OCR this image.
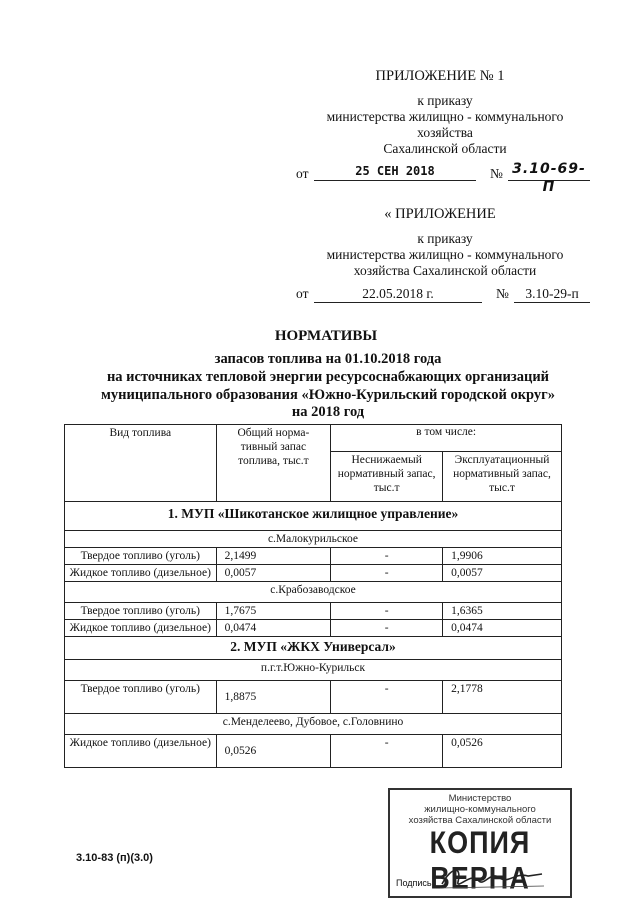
ПРИЛОЖЕНИЕ № 1
к приказу
министерства жилищно - коммунального
хозяйства
Сахалинской области
от	25 СЕН 2018	№ 3.10-69-П
« ПРИЛОЖЕНИЕ
к приказу
министерства жилищно - коммунального
хозяйства Сахалинской области
от	22.05.2018 г.	№	3.10-29-п
НОРМАТИВЫ
запасов топлива на 01.10.2018 года
на источниках тепловой энергии ресурсоснабжающих организаций
муниципального образования «Южно-Курильский городской округ»
на 2018 год
Вид топлива	Общий норма-тивный запас топлива, тыс.т	в том числе:	
		Неснижаемый нормативный запас, тыс.т	Эксплуатационный нормативный запас, тыс.т
1. МУП «Шикотанское жилищное управление»			
с.Малокурильское			
Твердое топливо (уголь)	2,1499	-	1,9906
Жидкое топливо (дизельное)	0,0057	-	0,0057
с.Крабозаводское			
Твердое топливо (уголь)	1,7675	-	1,6365
Жидкое топливо (дизельное)	0,0474	-	0,0474
2. МУП «ЖКХ Универсал»			
п.г.т.Южно-Курильск			
Твердое топливо (уголь)	1,8875	-	2,1778
с.Менделеево, Дубовое, с.Головнино			
Жидкое топливо (дизельное)	0,0526	-	0,0526
3.10-83 (п)(3.0)
Министерство
жилищно-коммунального
хозяйства Сахалинской области
КОПИЯ ВЕРНА
Подпись
